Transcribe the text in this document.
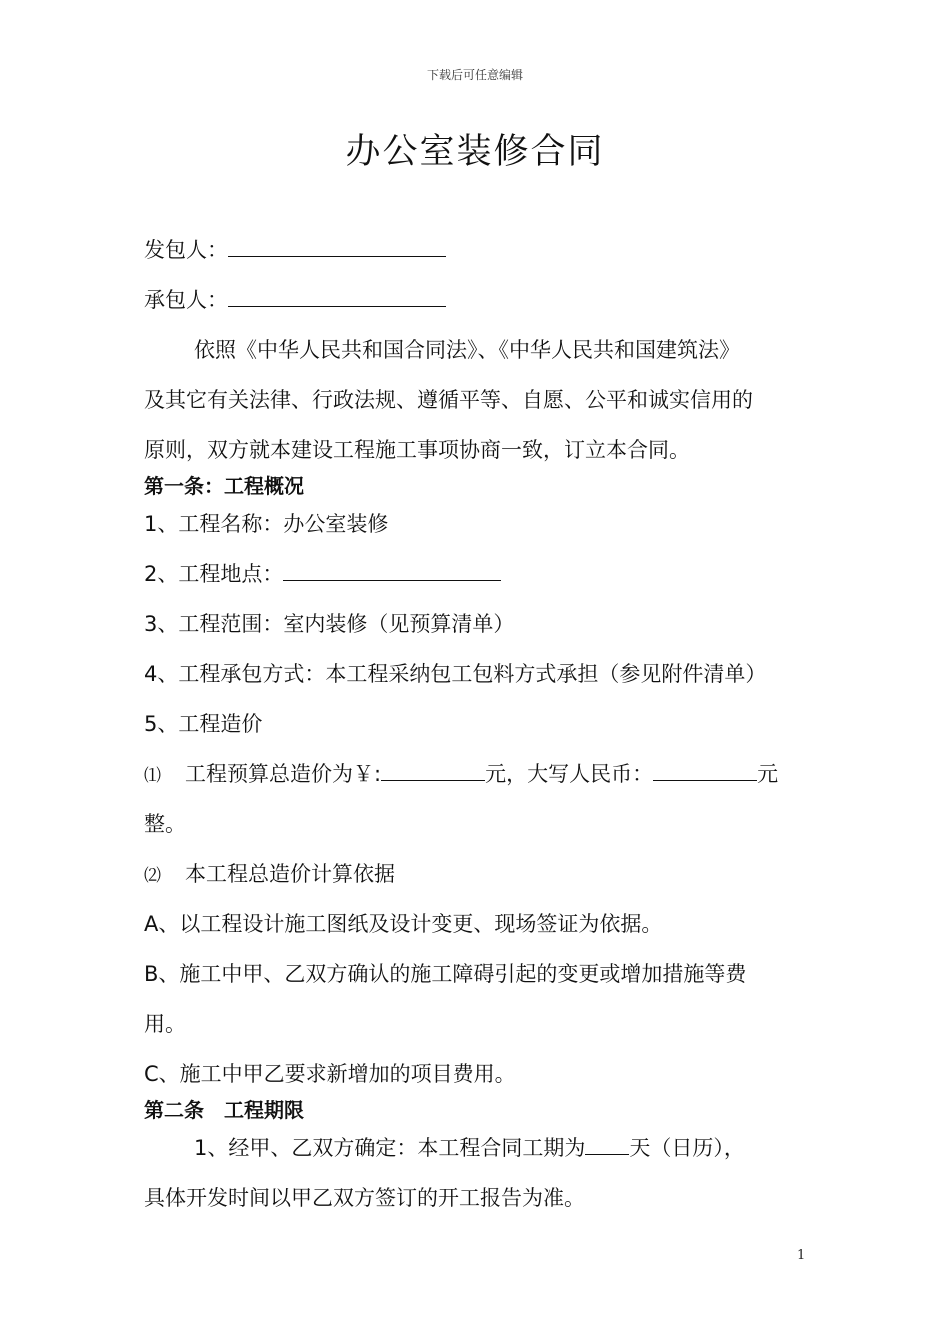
下载后可任意编辑
办公室装修合同
发包人：
承包人：
依照《中华人民共和国合同法》、《中华人民共和国建筑法》
及其它有关法律、行政法规、遵循平等、自愿、公平和诚实信用的
原则，双方就本建设工程施工事项协商一致，订立本合同。
第一条：工程概况
1、工程名称：办公室装修
2、工程地点：
3、工程范围：室内装修（见预算清单）
4、工程承包方式：本工程采纳包工包料方式承担（参见附件清单）
5、工程造价
⑴ 工程预算总造价为￥:	元，大写人民币：	元
整。
⑵ 本工程总造价计算依据
A、以工程设计施工图纸及设计变更、现场签证为依据。
B、施工中甲、乙双方确认的施工障碍引起的变更或增加措施等费
用。
C、施工中甲乙要求新增加的项目费用。
第二条　工程期限
1、经甲、乙双方确定：本工程合同工期为 天（日历），
具体开发时间以甲乙双方签订的开工报告为准。
1
